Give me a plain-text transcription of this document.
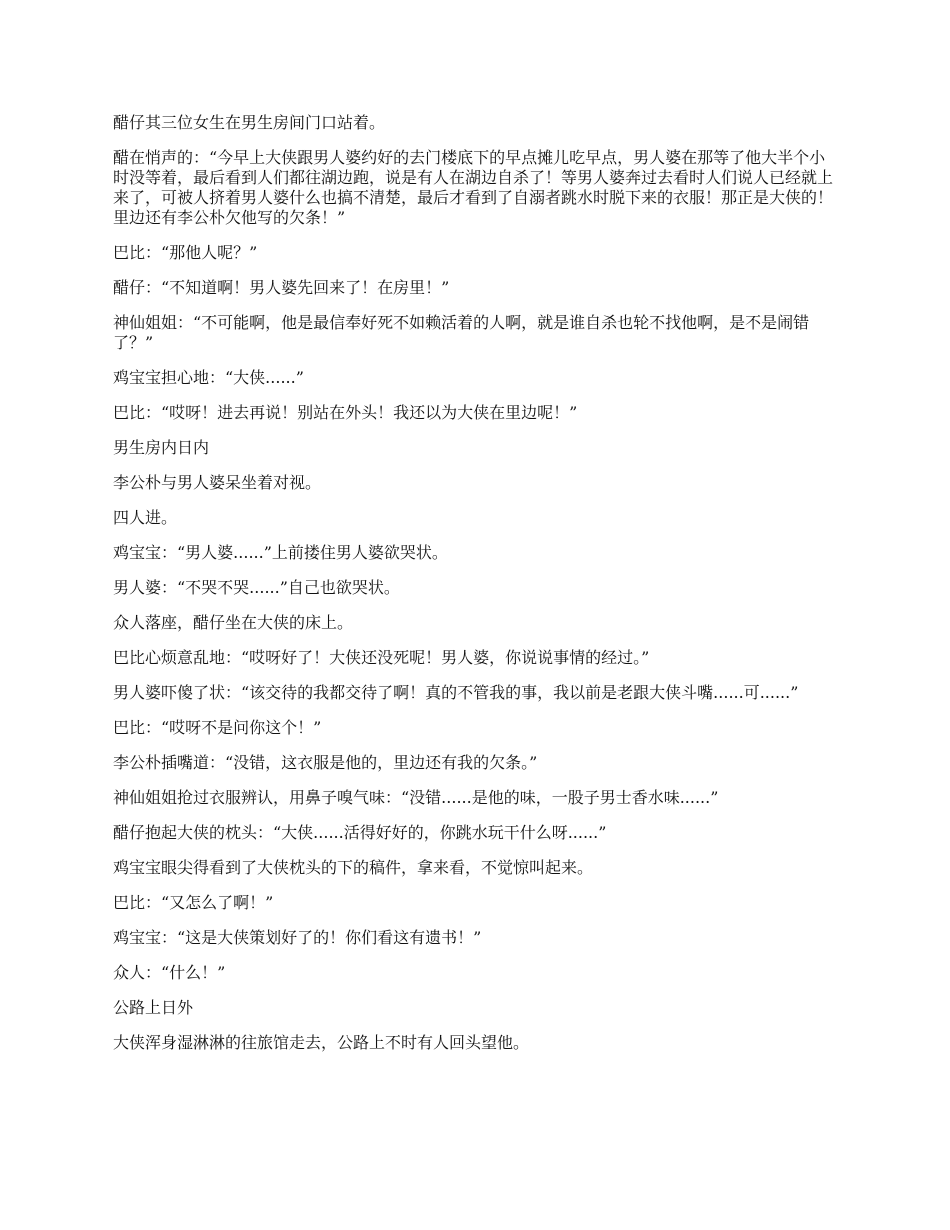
醋仔其三位女生在男生房间门口站着。

醋在悄声的：“今早上大侠跟男人婆约好的去门楼底下的早点摊儿吃早点，男人婆在那等了他大半个小时没等着，最后看到人们都往湖边跑，说是有人在湖边自杀了！等男人婆奔过去看时人们说人已经就上来了，可被人挤着男人婆什么也搞不清楚，最后才看到了自溺者跳水时脱下来的衣服！那正是大侠的！里边还有李公朴欠他写的欠条！”

巴比：“那他人呢？”

醋仔：“不知道啊！男人婆先回来了！在房里！”

神仙姐姐：“不可能啊，他是最信奉好死不如赖活着的人啊，就是谁自杀也轮不找他啊，是不是闹错了？”

鸡宝宝担心地：“大侠......”

巴比：“哎呀！进去再说！别站在外头！我还以为大侠在里边呢！”

男生房内日内

李公朴与男人婆呆坐着对视。

四人进。

鸡宝宝：“男人婆......”上前搂住男人婆欲哭状。

男人婆：“不哭不哭......”自己也欲哭状。

众人落座，醋仔坐在大侠的床上。

巴比心烦意乱地：“哎呀好了！大侠还没死呢！男人婆，你说说事情的经过。”

男人婆吓傻了状：“该交待的我都交待了啊！真的不管我的事，我以前是老跟大侠斗嘴......可......”

巴比：“哎呀不是问你这个！”

李公朴插嘴道：“没错，这衣服是他的，里边还有我的欠条。”

神仙姐姐抢过衣服辨认，用鼻子嗅气味：“没错......是他的味，一股子男士香水味......”

醋仔抱起大侠的枕头：“大侠......活得好好的，你跳水玩干什么呀......”

鸡宝宝眼尖得看到了大侠枕头的下的稿件，拿来看，不觉惊叫起来。

巴比：“又怎么了啊！”

鸡宝宝：“这是大侠策划好了的！你们看这有遗书！”

众人：“什么！”

公路上日外

大侠浑身湿淋淋的往旅馆走去，公路上不时有人回头望他。
